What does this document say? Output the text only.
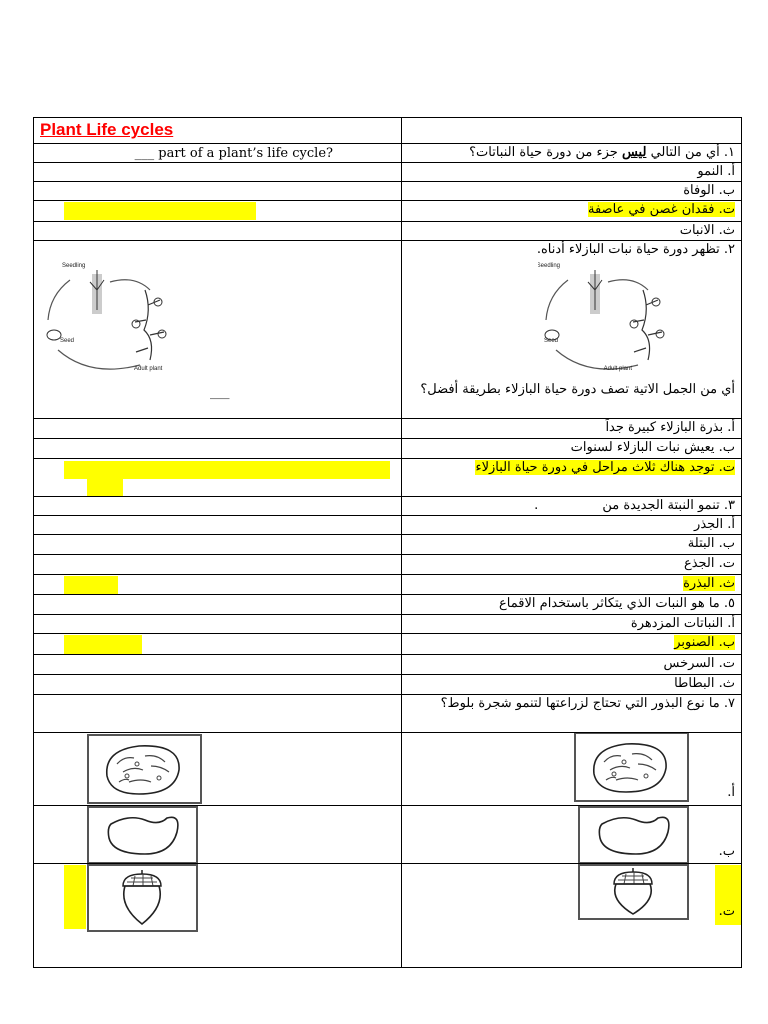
Plant Life cycles	

___ part of a plant’s life cycle?	١. أي من التالي ليس جزء من دورة حياة النباتات؟

	أ. النمو

	ب. الوفاة

	ت. فقدان غصن في عاصفة

	ث. الانبات

Seedling
Seed
Adult plant
___	٢. تظهر دورة حياة نبات البازلاء أدناه.
Seedling
Seed
Adult plant
أي من الجمل الاتية تصف دورة حياة البازلاء بطريقة أفضل؟

	أ. بذرة البازلاء كبيرة جداً

	ب. يعيش نبات البازلاء لسنوات

	ت. توجد هناك ثلاث مراحل في دورة حياة البازلاء

	٣. تنمو النبتة الجديدة من .

	أ. الجذر

	ب. البتلة

	ت. الجذع

	ث. البذرة

	٥. ما هو النبات الذي يتكاثر باستخدام الاقماع

	أ. النباتات المزدهرة

	ب. الصنوبر

	ت. السرخس

	ث. البطاطا

	٧. ما نوع البذور التي تحتاج لزراعتها لتنمو شجرة بلوط؟

أ.

ب.

ت.
